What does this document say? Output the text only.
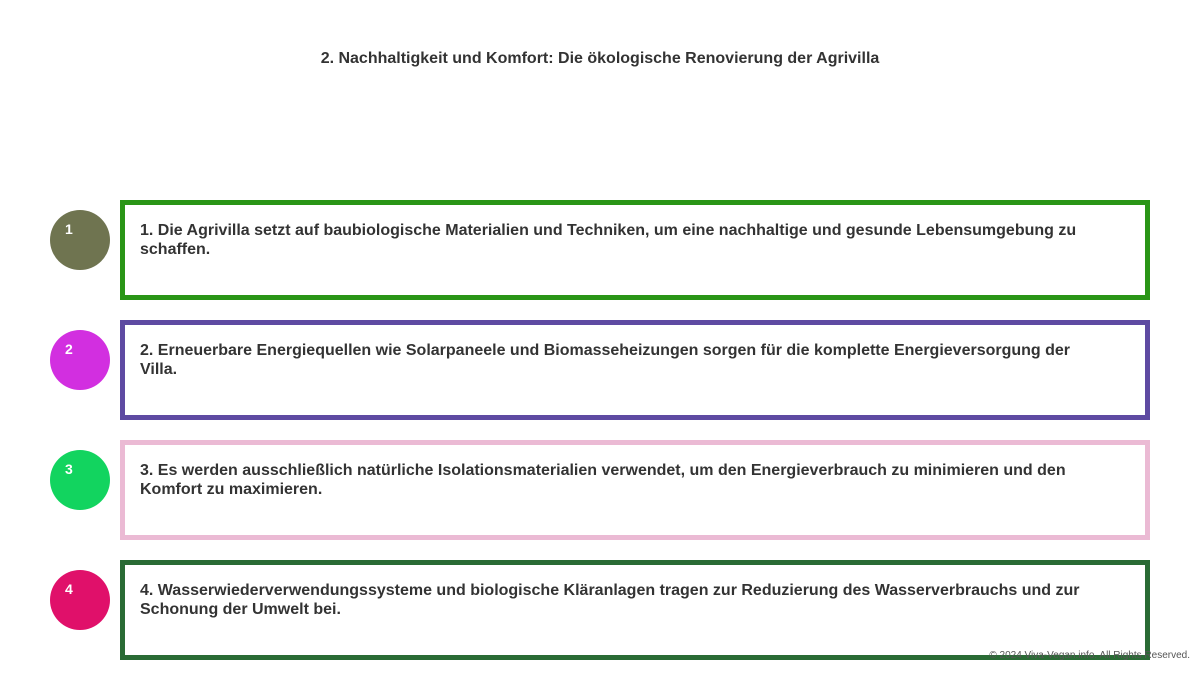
2. Nachhaltigkeit und Komfort: Die ökologische Renovierung der Agrivilla
1	1. Die Agrivilla setzt auf baubiologische Materialien und Techniken, um eine nachhaltige und gesunde Lebensumgebung zu schaffen.
2	2. Erneuerbare Energiequellen wie Solarpaneele und Biomasseheizungen sorgen für die komplette Energieversorgung der Villa.
3	3. Es werden ausschließlich natürliche Isolationsmaterialien verwendet, um den Energieverbrauch zu minimieren und den Komfort zu maximieren.
4	4. Wasserwiederverwendungssysteme und biologische Kläranlagen tragen zur Reduzierung des Wasserverbrauchs und zur Schonung der Umwelt bei.
© 2024 Viva-Vegan.info. All Rights Reserved.
